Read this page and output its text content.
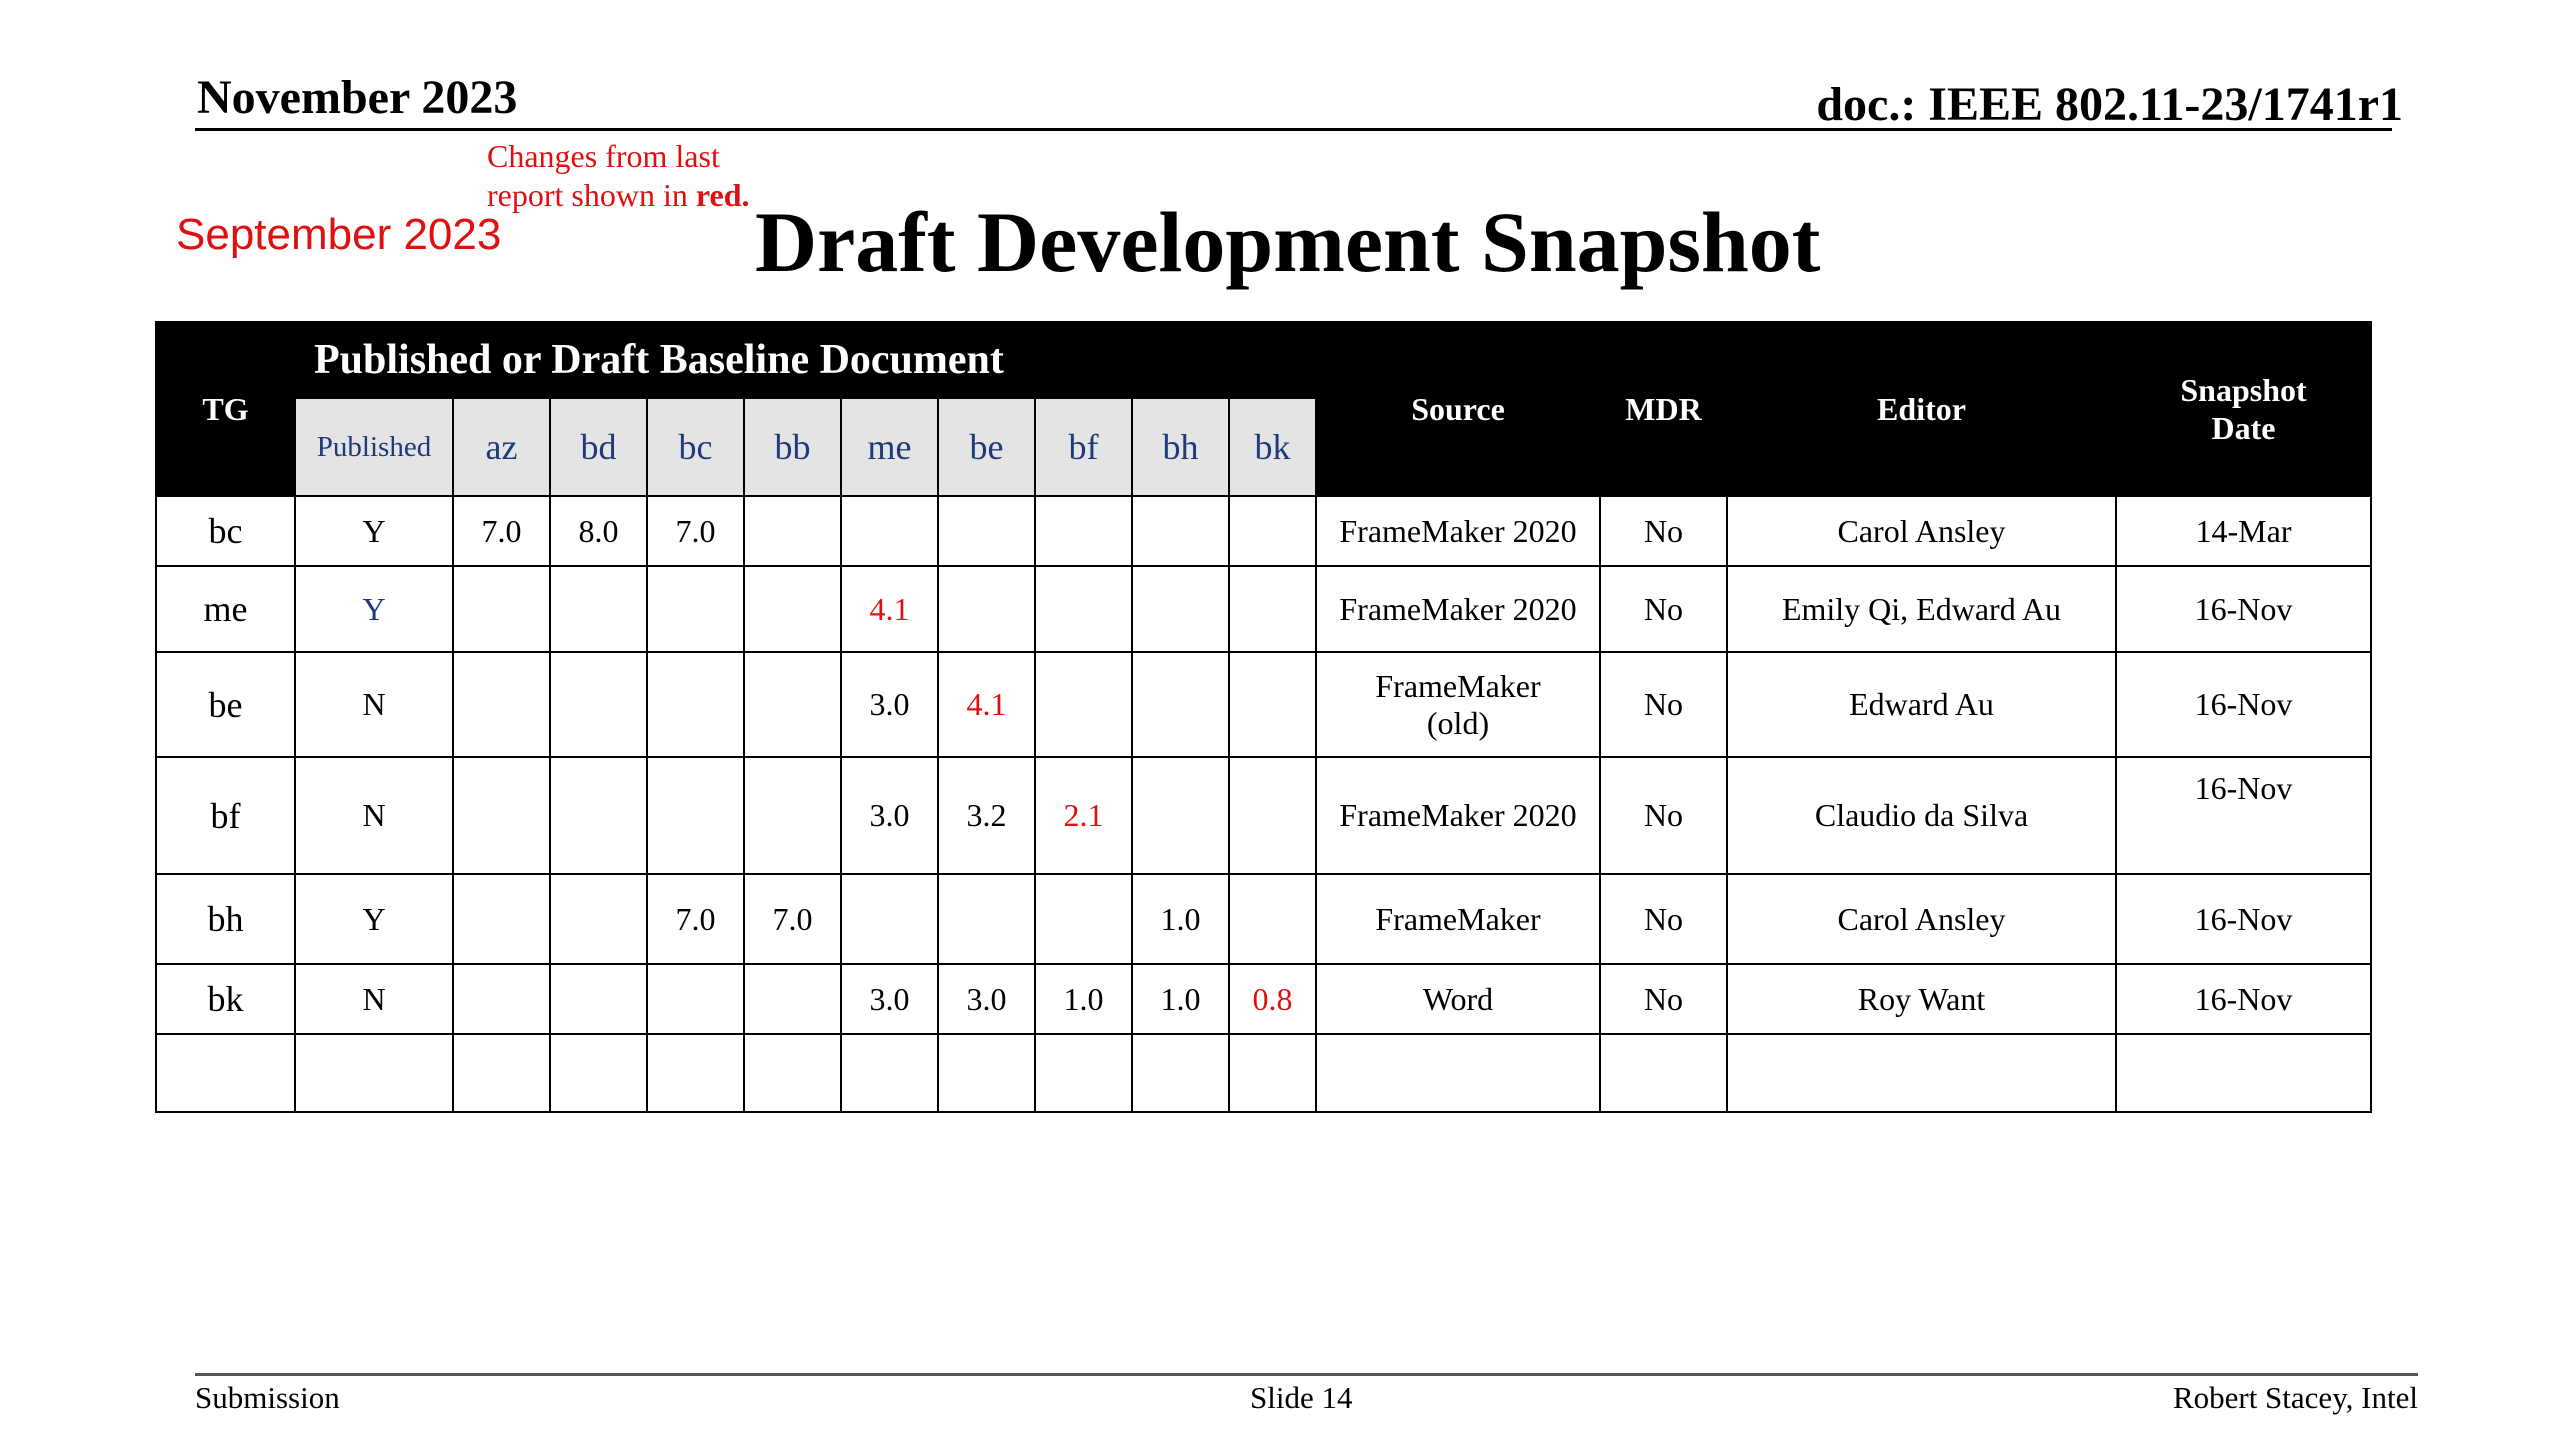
November 2023	doc.: IEEE 802.11-23/1741r1
Changes from last
report shown in red.
September 2023	Draft Development Snapshot
TG	Published or Draft Baseline Document										Source	MDR	Editor	Snapshot
Date
	Published	az	bd	bc	bb	me	be	bf	bh	bk				
bc	Y	7.0	8.0	7.0							FrameMaker 2020	No	Carol Ansley	14-Mar
me	Y					4.1					FrameMaker 2020	No	Emily Qi, Edward Au	16-Nov
be	N					3.0	4.1				FrameMaker
(old)	No	Edward Au	16-Nov
bf	N					3.0	3.2	2.1			FrameMaker 2020	No	Claudio da Silva	16-Nov
bh	Y			7.0	7.0				1.0		FrameMaker	No	Carol Ansley	16-Nov
bk	N					3.0	3.0	1.0	1.0	0.8	Word	No	Roy Want	16-Nov

Submission	Slide 14	Robert Stacey, Intel
